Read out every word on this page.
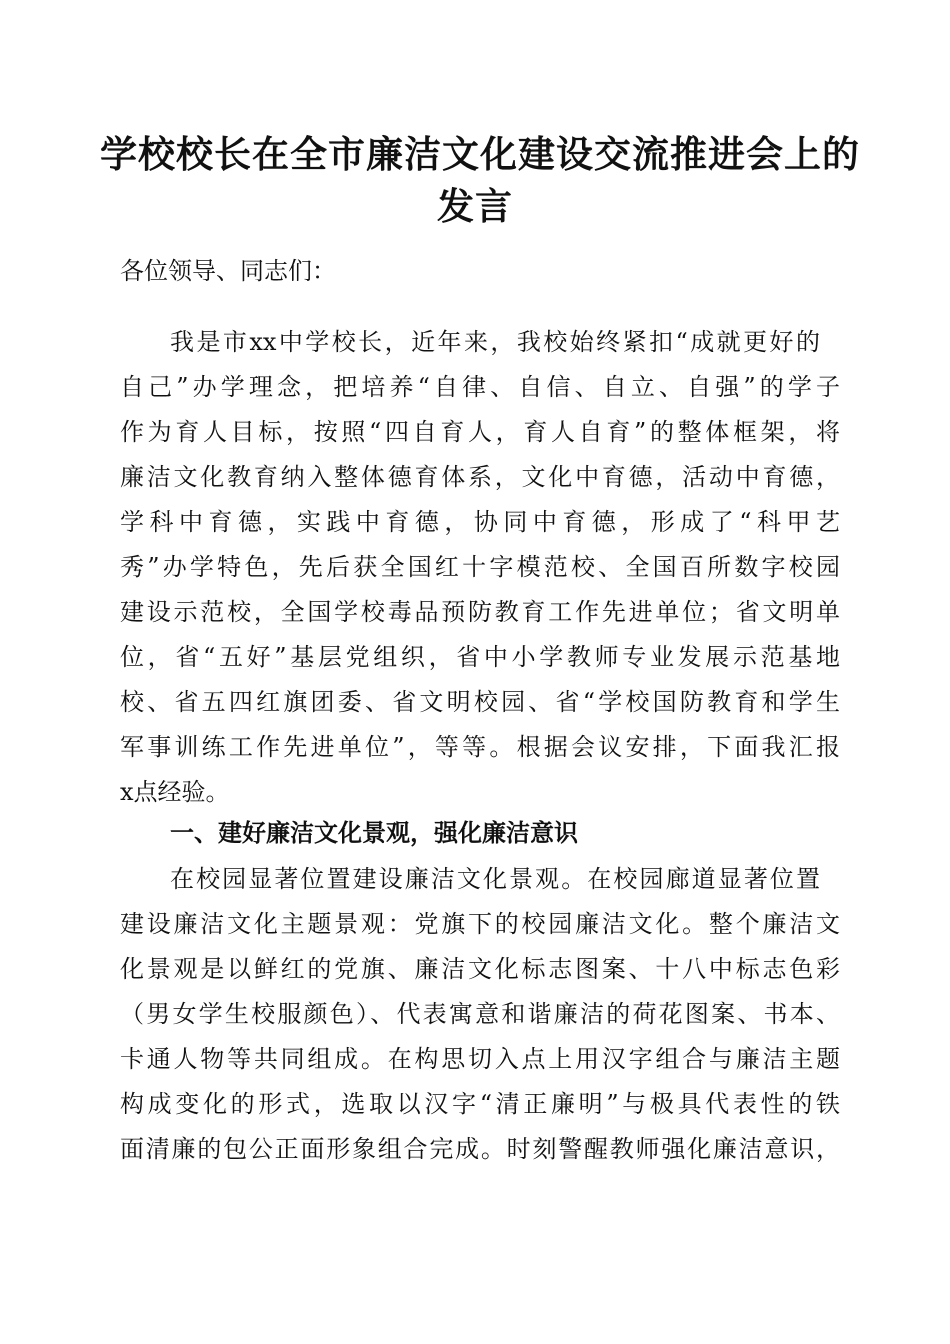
学校校长在全市廉洁文化建设交流推进会上的
发言
各位领导、同志们：
我是市xx中学校长，近年来，我校始终紧扣“成就更好的
自己”办学理念，把培养“自律、自信、自立、自强”的学子
作为育人目标，按照“四自育人，育人自育”的整体框架，将
廉洁文化教育纳入整体德育体系，文化中育德，活动中育德，
学科中育德，实践中育德，协同中育德，形成了“科甲艺
秀”办学特色，先后获全国红十字模范校、全国百所数字校园
建设示范校，全国学校毒品预防教育工作先进单位；省文明单
位，省“五好”基层党组织，省中小学教师专业发展示范基地
校、省五四红旗团委、省文明校园、省“学校国防教育和学生
军事训练工作先进单位”，等等。根据会议安排，下面我汇报
x点经验。
一、建好廉洁文化景观，强化廉洁意识
在校园显著位置建设廉洁文化景观。在校园廊道显著位置
建设廉洁文化主题景观：党旗下的校园廉洁文化。整个廉洁文
化景观是以鲜红的党旗、廉洁文化标志图案、十八中标志色彩
（男女学生校服颜色）、代表寓意和谐廉洁的荷花图案、书本、
卡通人物等共同组成。在构思切入点上用汉字组合与廉洁主题
构成变化的形式，选取以汉字“清正廉明”与极具代表性的铁
面清廉的包公正面形象组合完成。时刻警醒教师强化廉洁意识，
